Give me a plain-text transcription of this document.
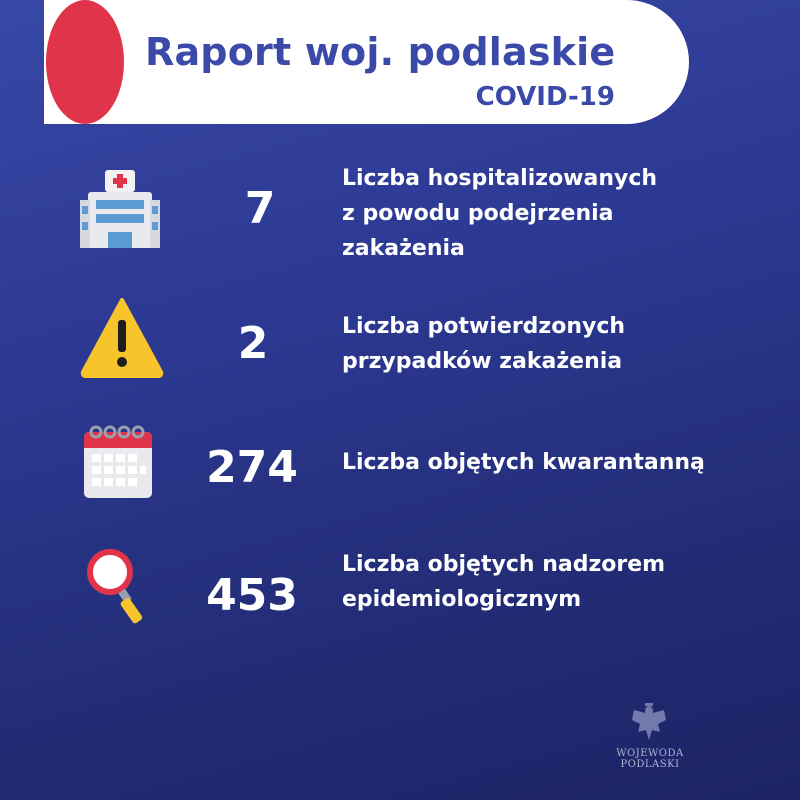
Raport woj. podlaskie
COVID-19
7
Liczba hospitalizowanych
z powodu podejrzenia
zakażenia
2	Liczba potwierdzonych
przypadków zakażenia
274	Liczba objętych kwarantanną
453
Liczba objętych nadzorem
epidemiologicznym
WOJEWODA PODLASKI
